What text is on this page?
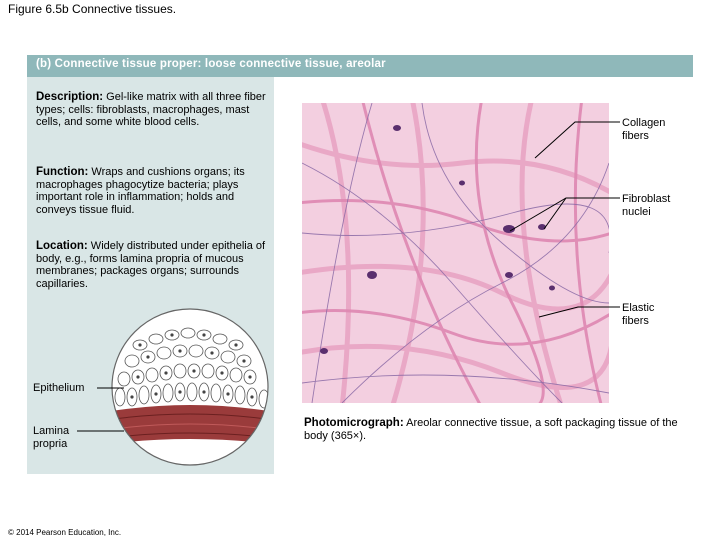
Figure 6.5b Connective tissues.
(b) Connective tissue proper: loose connective tissue, areolar
Description: Gel-like matrix with all three fiber types; cells: fibroblasts, macrophages, mast cells, and some white blood cells.
Function: Wraps and cushions organs; its macrophages phagocytize bacteria; plays important role in inflammation; holds and conveys tissue fluid.
Location: Widely distributed under epithelia of body, e.g., forms lamina propria of mucous membranes; packages organs; surrounds capillaries.
Epithelium
Lamina
propria
Collagen
fibers
Fibroblast
nuclei
Elastic
fibers
Photomicrograph: Areolar connective tissue, a soft packaging tissue of the body (365×).
© 2014 Pearson Education, Inc.
